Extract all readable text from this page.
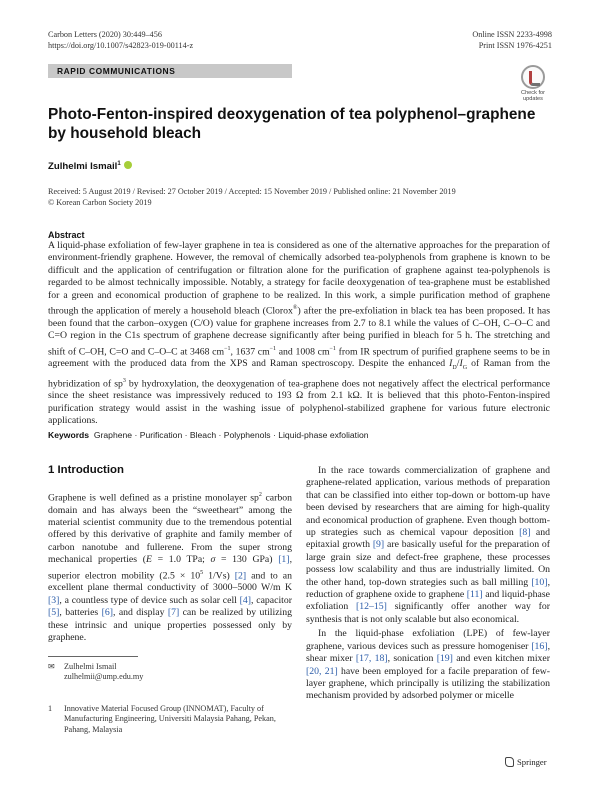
Carbon Letters (2020) 30:449–456
https://doi.org/10.1007/s42823-019-00114-z
Online ISSN 2233-4998
Print ISSN 1976-4251
RAPID COMMUNICATIONS
Check for
updates
Photo-Fenton-inspired deoxygenation of tea polyphenol–graphene
by household bleach
Zulhelmi Ismail$^1$
Received: 5 August 2019 / Revised: 27 October 2019 / Accepted: 15 November 2019 / Published online: 21 November 2019
© Korean Carbon Society 2019
Abstract
A liquid-phase exfoliation of few-layer graphene in tea is considered as one of the alternative approaches for the preparation of environment-friendly graphene. However, the removal of chemically adsorbed tea-polyphenols from graphene is known to be difficult and the application of centrifugation or filtration alone for the purification of graphene against tea-polyphenols is regarded to be almost technically impossible. Notably, a strategy for facile deoxygenation of tea-graphene must be established for a green and economical production of graphene to be realized. In this work, a simple purification method of graphene through the application of merely a household bleach (Clorox®) after the pre-exfoliation in black tea has been proposed. It has been found that the carbon–oxygen (C/O) value for graphene increases from 2.7 to 8.1 while the values of C–OH, C–O–C and C=O region in the C1s spectrum of graphene decrease significantly after being purified in bleach for 5 h. The stretching and shift of C–OH, C=O and C–O–C at 3468 $cm^{-1}$, 1637 $cm^{-1}$ and 1008 $cm^{-1}$ from IR spectrum of purified graphene seems to be in agreement with the produced data from the XPS and Raman spectroscopy. Despite the enhanced $I_D/I_G$ of Raman from the hybridization of $sp^3$ by hydroxylation, the deoxygenation of tea-graphene does not negatively affect the electrical performance since the sheet resistance was impressively reduced to 193 Ω from 2.1 kΩ. It is believed that this photo-Fenton-inspired purification strategy would assist in the washing issue of polyphenol-stabilized graphene for various future electronic applications.
Keywords Graphene · Purification · Bleach · Polyphenols · Liquid-phase exfoliation
1 Introduction
Graphene is well defined as a pristine monolayer $sp^2$ carbon domain and has always been the “sweetheart” among the material scientist community due to the tremendous potential offered by this derivative of graphite and family member of carbon nanotube and fullerene. From the super strong mechanical properties (E = 1.0 TPa; σ = 130 GPa) [1], superior electron mobility ($2.5 \times 10^5$ 1/Vs) [2] and to an excellent plane thermal conductivity of 3000–5000 W/m K [3], a countless type of device such as solar cell [4], capacitor [5], batteries [6], and display [7] can be realized by utilizing these intrinsic and unique properties possessed only by graphene.

In the race towards commercialization of graphene and graphene-related application, various methods of preparation that can be classified into either top-down or bottom-up have been devised by researchers that are aiming for high-quality and economical production of graphene. Even though bottom-up strategies such as chemical vapour deposition [8] and epitaxial growth [9] are basically useful for the preparation of large grain size and defect-free graphene, these processes possess low scalability and thus are industrially limited. On the other hand, top-down strategies such as ball milling [10], reduction of graphene oxide to graphene [11] and liquid-phase exfoliation [12–15] significantly offer another way for synthesis that is not only scalable but also economical.

In the liquid-phase exfoliation (LPE) of few-layer graphene, various devices such as pressure homogeniser [16], shear mixer [17, 18], sonication [19] and even kitchen mixer [20, 21] have been employed for a facile preparation of few-layer graphene, which principally is utilizing the stabilization mechanism provided by adsorbed polymer or micelle

✉	Zulhelmi Ismail
zulhelmii@ump.edu.my
1	Innovative Material Focused Group (INNOMAT), Faculty of Manufacturing Engineering, Universiti Malaysia Pahang, Pekan, Pahang, Malaysia
Springer
